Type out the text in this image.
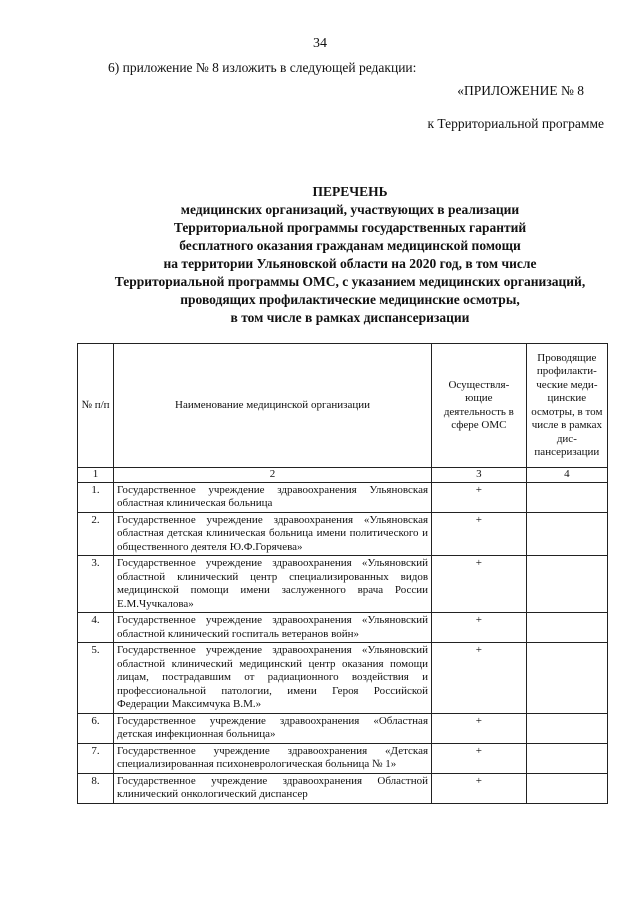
34
6) приложение № 8 изложить в следующей редакции:
«ПРИЛОЖЕНИЕ № 8
к Территориальной программе
ПЕРЕЧЕНЬ
медицинских организаций, участвующих в реализации
Территориальной программы государственных гарантий
бесплатного оказания гражданам медицинской помощи
на территории Ульяновской области на 2020 год, в том числе
Территориальной программы ОМС, с указанием медицинских организаций,
проводящих профилактические медицинские осмотры,
в том числе в рамках диспансеризации
№ п/п	Наименование медицинской организации	Осуществля-ющие деятельность в сфере ОМС	Проводящие профилакти-ческие меди-цинские осмотры, в том числе в рамках дис-пансеризации
1	2	3	4
1.	Государственное учреждение здравоохранения Ульяновская областная клиническая больница	+	
2.	Государственное учреждение здравоохранения «Ульяновская областная детская клиническая больница имени политического и общественного деятеля Ю.Ф.Горячева»	+	
3.	Государственное учреждение здравоохранения «Ульяновский областной клинический центр специализированных видов медицинской помощи имени заслуженного врача России Е.М.Чучкалова»	+	
4.	Государственное учреждение здравоохранения «Ульяновский областной клинический госпиталь ветеранов войн»	+	
5.	Государственное учреждение здравоохранения «Ульяновский областной клинический медицинский центр оказания помощи лицам, пострадавшим от радиационного воздействия и профессиональной патологии, имени Героя Российской Федерации Максимчука В.М.»	+	
6.	Государственное учреждение здравоохранения «Областная детская инфекционная больница»	+	
7.	Государственное учреждение здравоохранения «Детская специализированная психоневрологическая больница № 1»	+	
8.	Государственное учреждение здравоохранения Областной клинический онкологический диспансер	+	
